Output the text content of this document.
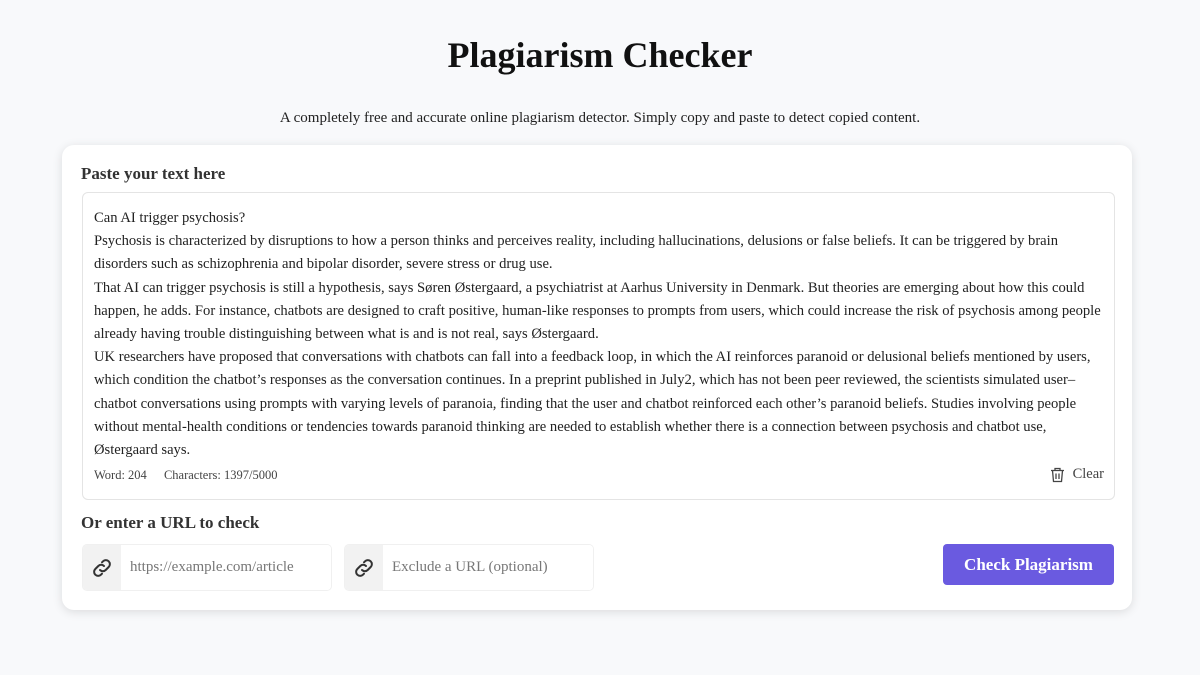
Plagiarism Checker
A completely free and accurate online plagiarism detector. Simply copy and paste to detect copied content.
Paste your text here
Can AI trigger psychosis?
Psychosis is characterized by disruptions to how a person thinks and perceives reality, including hallucinations, delusions or false beliefs. It can be triggered by brain disorders such as schizophrenia and bipolar disorder, severe stress or drug use.
That AI can trigger psychosis is still a hypothesis, says Søren Østergaard, a psychiatrist at Aarhus University in Denmark. But theories are emerging about how this could happen, he adds. For instance, chatbots are designed to craft positive, human-like responses to prompts from users, which could increase the risk of psychosis among people already having trouble distinguishing between what is and is not real, says Østergaard.
UK researchers have proposed that conversations with chatbots can fall into a feedback loop, in which the AI reinforces paranoid or delusional beliefs mentioned by users, which condition the chatbot’s responses as the conversation continues. In a preprint published in July2, which has not been peer reviewed, the scientists simulated user–chatbot conversations using prompts with varying levels of paranoia, finding that the user and chatbot reinforced each other’s paranoid beliefs. Studies involving people without mental-health conditions or tendencies towards paranoid thinking are needed to establish whether there is a connection between psychosis and chatbot use, Østergaard says.
Word: 204 Characters: 1397/5000	Clear
Or enter a URL to check
https://example.com/article
Exclude a URL (optional)
Check Plagiarism
